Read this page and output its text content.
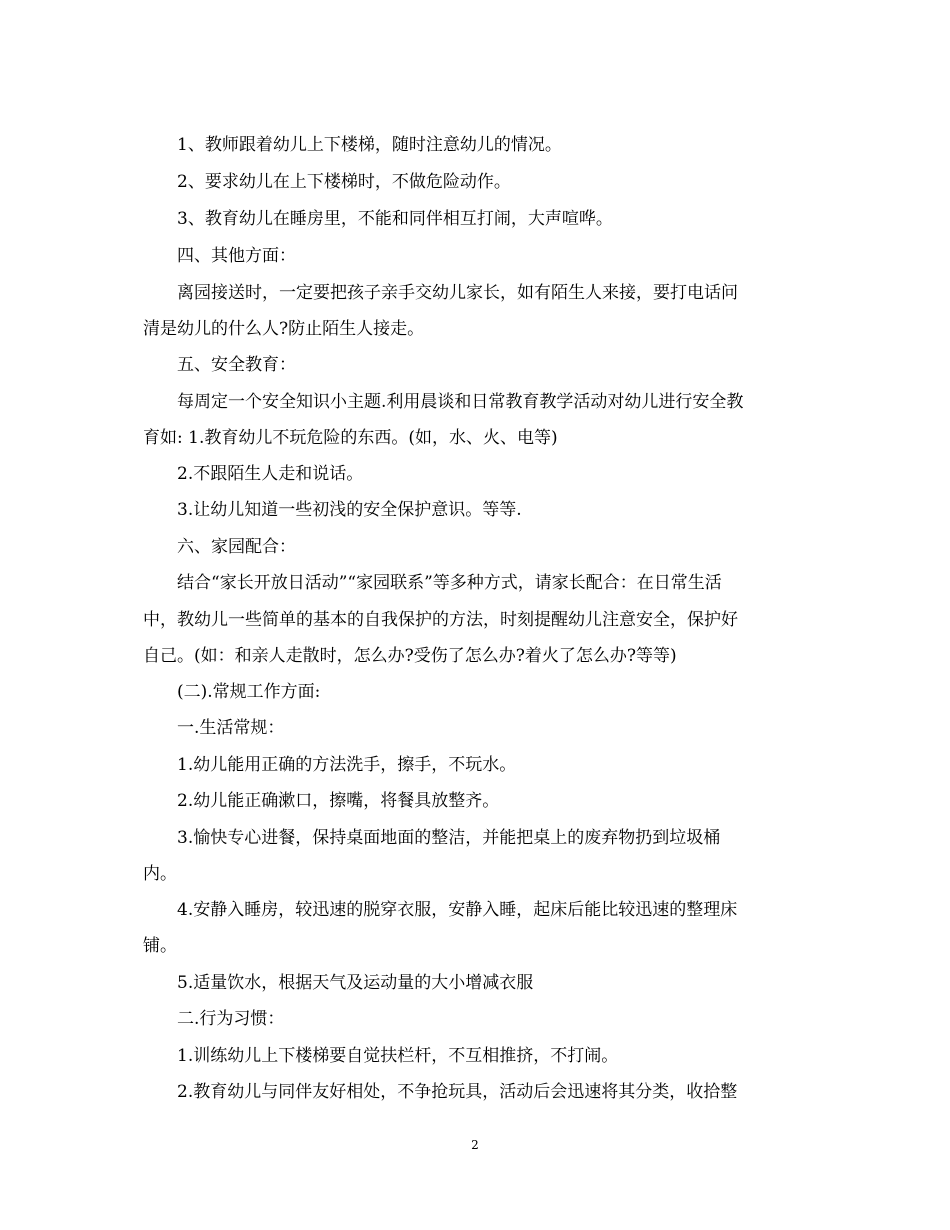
1、教师跟着幼儿上下楼梯，随时注意幼儿的情况。
2、要求幼儿在上下楼梯时，不做危险动作。
3、教育幼儿在睡房里，不能和同伴相互打闹，大声喧哗。
四、其他方面：
离园接送时，一定要把孩子亲手交幼儿家长，如有陌生人来接，要打电话问
清是幼儿的什么人?防止陌生人接走。
五、安全教育：
每周定一个安全知识小主题.利用晨谈和日常教育教学活动对幼儿进行安全教
育如: 1.教育幼儿不玩危险的东西。(如，水、火、电等)
2.不跟陌生人走和说话。
3.让幼儿知道一些初浅的安全保护意识。等等.
六、家园配合：
结合“家长开放日活动”“家园联系”等多种方式，请家长配合：在日常生活
中，教幼儿一些简单的基本的自我保护的方法，时刻提醒幼儿注意安全，保护好
自己。(如：和亲人走散时，怎么办?受伤了怎么办?着火了怎么办?等等)
(二).常规工作方面:
一.生活常规：
1.幼儿能用正确的方法洗手，擦手，不玩水。
2.幼儿能正确漱口，擦嘴，将餐具放整齐。
3.愉快专心进餐，保持桌面地面的整洁，并能把桌上的废弃物扔到垃圾桶
内。
4.安静入睡房，较迅速的脱穿衣服，安静入睡，起床后能比较迅速的整理床
铺。
5.适量饮水，根据天气及运动量的大小增减衣服
二.行为习惯：
1.训练幼儿上下楼梯要自觉扶栏杆，不互相推挤，不打闹。
2.教育幼儿与同伴友好相处，不争抢玩具，活动后会迅速将其分类，收拾整
2
